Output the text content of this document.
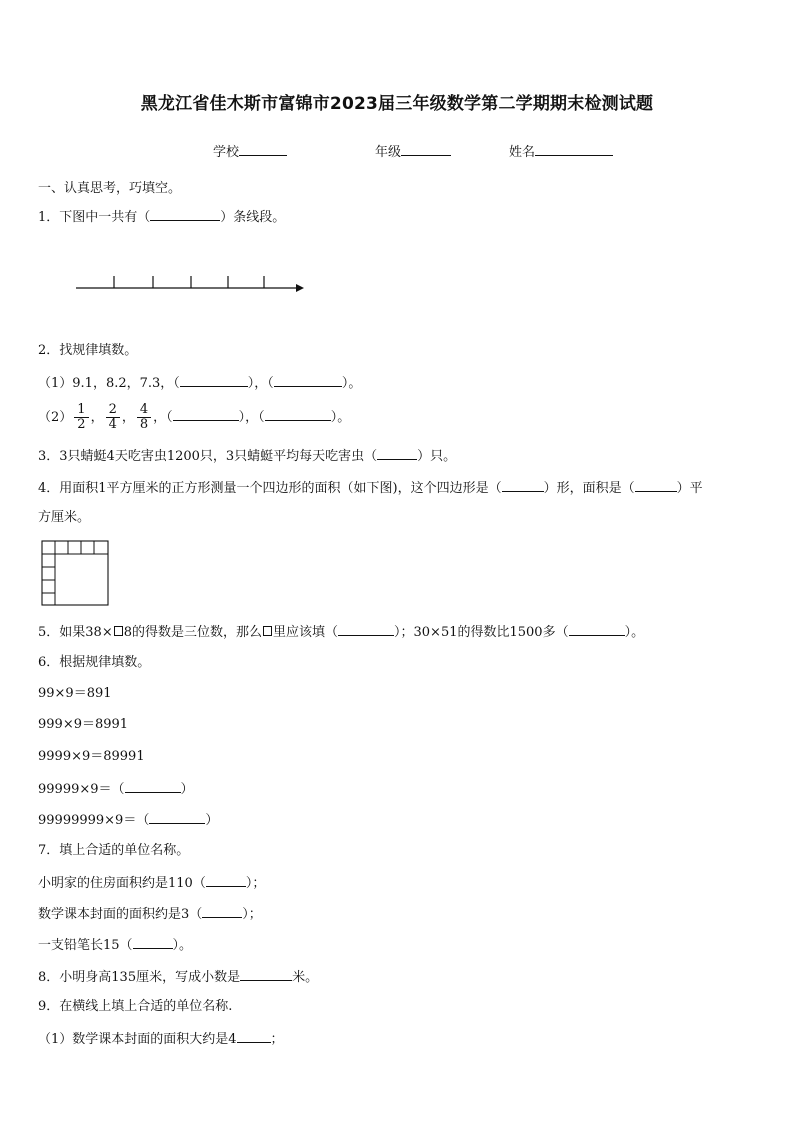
黑龙江省佳木斯市富锦市2023届三年级数学第二学期期末检测试题
学校	年级	姓名
一、认真思考，巧填空。
1．下图中一共有（	）条线段。
2．找规律填数。
（1）9.1，8.2，7.3，（	），（	）。
$(2) \frac{1}{2}$ ， $\frac{2}{4}$ ， $\frac{4}{8}$ ，（	），（	）。
3．3只蜻蜓4天吃害虫1200只，3只蜻蜓平均每天吃害虫（	）只。
4．用面积1平方厘米的正方形测量一个四边形的面积（如下图)，这个四边形是（	）形，面积是（	）平
方厘米。
5．如果38× 8的得数是三位数，那么 里应该填（	）；30×51的得数比1500多（	）。
6．根据规律填数。
99×9＝891
999×9＝8991
9999×9＝89991
99999×9＝（	）
99999999×9＝（	）
7．填上合适的单位名称。
小明家的住房面积约是110（	）；
数学课本封面的面积约是3（	）；
一支铅笔长15（	）。
8．小明身高135厘米，写成小数是	米。
9．在横线上填上合适的单位名称.
（1）数学课本封面的面积大约是4	；
